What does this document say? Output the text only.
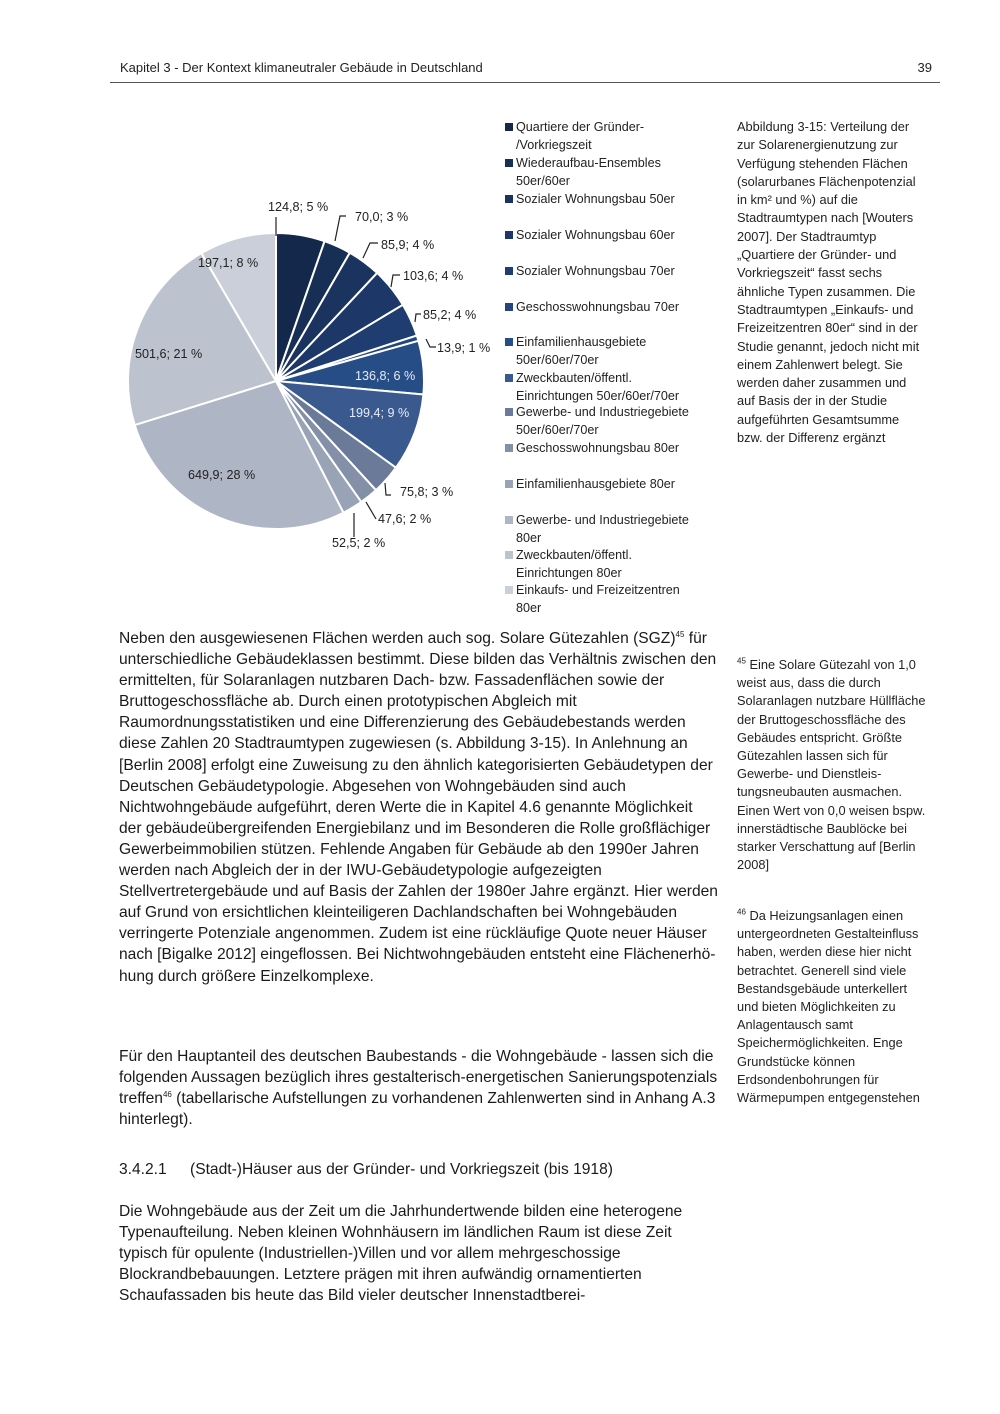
Kapitel 3 - Der Kontext klimaneutraler Gebäude in Deutschland	39
124,8; 5 %
70,0; 3 %
85,9; 4 %
103,6; 4 %
85,2; 4 %
13,9; 1 %
136,8; 6 %
199,4; 9 %
75,8; 3 %
47,6; 2 %
52,5; 2 %
649,9; 28 %
501,6; 21 %
197,1; 8 %
Quartiere der Gründer-
/Vorkriegszeit
Wiederaufbau-Ensembles
50er/60er
Sozialer Wohnungsbau 50er
Sozialer Wohnungsbau 60er
Sozialer Wohnungsbau 70er
Geschosswohnungsbau 70er
Einfamilienhausgebiete
50er/60er/70er
Zweckbauten/öffentl.
Einrichtungen 50er/60er/70er
Gewerbe- und Industriegebiete
50er/60er/70er
Geschosswohnungsbau 80er
Einfamilienhausgebiete 80er
Gewerbe- und Industriegebiete
80er
Zweckbauten/öffentl.
Einrichtungen 80er
Einkaufs- und Freizeitzentren
80er
Abbildung 3-15: Verteilung der zur Solarenergienutzung zur Verfügung stehenden Flächen (solarurbanes Flächenpotenzial in km² und %) auf die Stadtraumtypen nach [Wouters 2007]. Der Stadtraumtyp „Quartiere der Gründer- und Vorkriegszeit“ fasst sechs ähnliche Typen zusammen. Die Stadtraumtypen „Einkaufs- und Freizeitzentren 80er“ sind in der Studie genannt, jedoch nicht mit einem Zahlenwert belegt. Sie werden daher zusammen und auf Basis der in der Studie aufgeführten Gesamtsumme bzw. der Differenz ergänzt

Neben den ausgewiesenen Flächen werden auch sog. Solare Gütezahlen (SGZ)$^{45}$ für unterschiedliche Gebäudeklassen bestimmt. Diese bilden das Verhältnis zwischen den ermittelten, für Solaranlagen nutzbaren Dach- bzw. Fassadenflächen sowie der Bruttogeschossfläche ab. Durch einen prototypischen Abgleich mit Raumordnungsstatistiken und eine Differenzierung des Gebäudebestands werden diese Zahlen 20 Stadtraumtypen zugewiesen (s. Abbildung 3-15). In Anlehnung an [Berlin 2008] erfolgt eine Zuweisung zu den ähnlich kategorisierten Gebäudetypen der Deutschen Gebäudetypologie. Abgesehen von Wohngebäuden sind auch Nichtwohngebäude aufgeführt, deren Werte die in Kapitel 4.6 genannte Möglichkeit der gebäudeübergreifenden Energiebilanz und im Besonderen die Rolle großflächiger Gewerbeimmobilien stützen. Fehlende Angaben für Gebäude ab den 1990er Jahren werden nach Abgleich der in der IWU-Gebäudetypologie aufgezeigten Stellvertretergebäude und auf Basis der Zahlen der 1980er Jahre ergänzt. Hier werden auf Grund von ersichtlichen kleinteiligeren Dachlandschaften bei Wohngebäuden verringerte Potenziale angenommen. Zudem ist eine rückläufige Quote neuer Häuser nach [Bigalke 2012] eingeflossen. Bei Nichtwohngebäuden entsteht eine Flächenerhöhung durch größere Einzelkomplexe.

Für den Hauptanteil des deutschen Baubestands - die Wohngebäude - lassen sich die folgenden Aussagen bezüglich ihres gestalterisch-energetischen Sanierungspotenzials treffen$^{46}$ (tabellarische Aufstellungen zu vorhandenen Zahlenwerten sind in Anhang A.3 hinterlegt).

3.4.2.1 (Stadt-)Häuser aus der Gründer- und Vorkriegszeit (bis 1918)

Die Wohngebäude aus der Zeit um die Jahrhundertwende bilden eine heterogene Typenaufteilung. Neben kleinen Wohnhäusern im ländlichen Raum ist diese Zeit typisch für opulente (Industriellen-)Villen und vor allem mehrgeschossige Blockrandbebauungen. Letztere prägen mit ihren aufwändig ornamentierten Schaufassaden bis heute das Bild vieler deutscher Innenstadtberei-

$^{45}$ Eine Solare Gütezahl von 1,0 weist aus, dass die durch Solaranlagen nutzbare Hüllfläche der Bruttogeschossfläche des Gebäudes entspricht. Größte Gütezahlen lassen sich für Gewerbe- und Dienstleistungsneubauten ausmachen. Einen Wert von 0,0 weisen bspw. innerstädtische Baublöcke bei starker Verschattung auf [Berlin 2008]
$^{46}$ Da Heizungsanlagen einen untergeordneten Gestalteinfluss haben, werden diese hier nicht betrachtet. Generell sind viele Bestandsgebäude unterkellert und bieten Möglichkeiten zu Anlagentausch samt Speichermöglichkeiten. Enge Grundstücke können Erdsondenbohrungen für Wärmepumpen entgegenstehen
